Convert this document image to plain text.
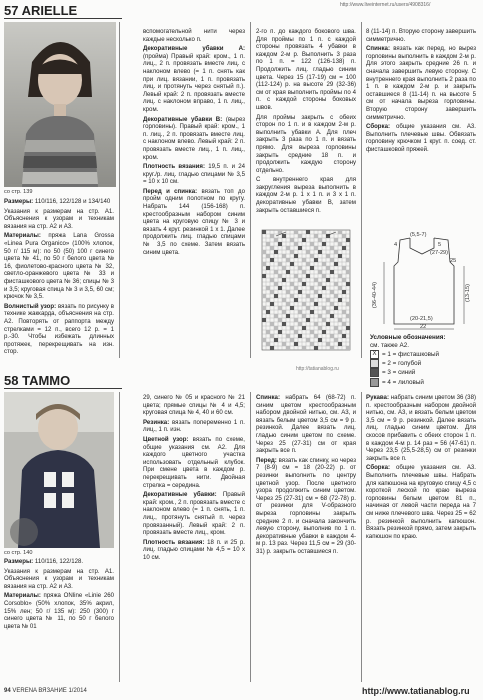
57 ARIELLE
со стр. 139

Размеры: 110/116, 122/128 и 134/140

Указания к размерам на стр. A1. Объяснения к узорам и техникам вязания на стр. A2 и A3.

Материалы: пряжа Lana Grossa «Linea Pura Organico» (100% хлопок, 50 г/ 115 м): по 50 (50) 100 г синего цвета № 41, по 50 г белого цвета № 16, фиолетово-красного цвета № 32, светло-оранжевого цвета № 33 и фисташкового цвета № 36; спицы № 3 и 3,5; круговая спица № 3 и 3,5, 60 см; крючок № 3,5.

Волнистый узор: вязать по рисунку в технике жаккарда, объяснения на стр. A2. Повторять от раппорта между стрелками = 12 п., всего 12 р. = 1 р.-30. Чтобы избежать длинных протяжек, перекрещивать на изн. стор.

вспомогательной нити через каждые несколько п.

Декоративные убавки A: (пройма) Правый край: кром., 1 п. лиц., 2 п. провязать вместе лиц. с наклоном влево (= 1 п. снять как при лиц. вязании, 1 п. провязать лиц. и протянуть через снятый п.). Левый край: 2 п. провязать вместе лиц. с наклоном вправо, 1 п. лиц., кром.

Декоративные убавки B: (вырез горловины). Правый край: кром., 1 п. лиц., 2 п. провязать вместе лиц. с наклоном влево. Левый край: 2 п. провязать вместе лиц., 1 п. лиц., кром.

Плотность вязания: 19,5 п. и 24 круг./р. лиц. гладью спицами № 3,5 = 10 х 10 см.

Перед и спинка: вязать топ до пройм одним полотном по кругу. Набрать 144 (156-168) п. крестообразным набором синим цвета на круговую спицу № 3 и вязать 4 круг. резинкой 1 х 1. Далее продолжить лиц. гладью спицами № 3,5 по схеме. Затем вязать синим цвета.

2-го п. до каждого бокового шва. Для проймы по 1 п. с каждой стороны провязать 4 убавки в каждом 2-м р. Выполнить 3 раза по 1 п. = 122 (126-138) п. Продолжить лиц. гладью синим цвета. Через 15 (17-19) см = 100 (112-124) р. на высоте 29 (32-36) см от края выполнить проймы по 4 п. с каждой стороны боковых швов.

Для проймы закрыть с обеих сторон по 1 п. и в каждом 2-м р. выполнить убавки А. Для плеч закрыть 3 раза по 1 п. и вязать прямо. Для выреза горловины закрыть средние 18 п. и продолжить каждую сторону отдельно.

С внутреннего края для закругления выреза выполнить в каждом 2-м р. 1 х 1 п. и 3 х 1 п. декоративные убавки B, затем закрыть оставшиеся п.

8 (11-14) п. Вторую сторону завершить симметрично.

Спинка: вязать как перед, но вырез горловины выполнить в каждом 2-м р. Для этого закрыть средние 26 п. и сначала завершить левую сторону. С внутреннего края выполнить 2 раза по 1 п. в каждом 2-м р. и закрыть оставшиеся 8 (11-14) п. на высоте 5 см от начала выреза горловины. Вторую сторону завершить симметрично.

Сборка: общие указания см. А3. Выполнить плечевые швы. Обвязать горловину крючком 1 круг. п. соед. ст. фисташковой пряжей.

(5,5-7)
4	5
(27-29)
25
(36-40-44)	(13-15)
(20-21,5)
22
Условные обозначения:
см. также А2.
X = 1 = фисташковый
= 2 = голубой
= 3 = синий
= 4 = лиловый
58 TAMMO
со стр. 140

Размеры: 110/116, 122/128.

Указания к размерам на стр. A1. Объяснения к узорам и техникам вязания на стр. A2 и A3.

Материалы: пряжа ONline «Linie 260 Corsoblo» (50% хлопок, 35% акрил, 15% лен; 50 г/ 135 м): 250 (300) г синего цвета № 11, по 50 г белого цвета № 01

29, синего № 05 и красного № 21 цвета; прямые спицы № 4 и 4,5; круговая спица № 4, 40 и 60 см.

Резинка: вязать попеременно 1 п. лиц., 1 п. изн.

Цветной узор: вязать по схеме, общие указания см. A2. Для каждого цветного участка использовать отдельный клубок. При смене цвета в каждом р. перекрещивать нити. Двойная стрелка = середина.

Декоративные убавки: Правый край: кром., 2 п. провязать вместе с наклоном влево (= 1 п. снять, 1 п. лиц., протянуть снятый п. через провязанный). Левый край: 2 п. провязать вместе лиц., кром.

Плотность вязания: 18 п. и 25 р. лиц. гладью спицами № 4,5 = 10 х 10 см.

Спинка: набрать 64 (68-72) п. синим цветом крестообразным набором двойной нитью, см. A3, и вязать белым цветом 3,5 см = 9 р. резинкой. Далее вязать лиц. гладью синим цветом по схеме. Через 25 (27-31) см от края закрыть все п.

Перед: вязать как спинку, но через 7 (8-9) см = 18 (20-22) р. от резинки выполнить по центру цветной узор. После цветного узора продолжить синим цветом. Через 25 (27-31) см = 68 (72-78) р. от резинки для V-образного выреза горловины закрыть средние 2 п. и сначала закончить левую сторону, выполнив по 1 п. декоративные убавки в каждом 4-м р. 13 раз. Через 11,5 см = 29 (30-31) р. закрыть оставшиеся п.

Рукава: набрать синим цветом 36 (38) п. крестообразным набором двойной нитью, см. A3, и вязать белым цветом 3,5 см = 9 р. резинкой. Далее вязать лиц. гладью синим цветом. Для скосов прибавить с обеих сторон 1 п. в каждом 4-м р. 14 раз = 56 (47-61) п. Через 23,5 (25,5-28,5) см от резинки закрыть все п.

Сборка: общие указания см. A3. Выполнить плечевые швы. Набрать для капюшона на круговую спицу 4,5 с короткой леской по краю выреза горловины белым цветом 81 п., начиная от левой части переда на 7 см ниже плечевого шва. Через 25 = 62 р. резинкой выполнить капюшон. Вязать резинкой прямо, затем закрыть капюшон по краю.

http://www.liveinternet.ru/users/4908316/
http://tatianablog.ru
94 VERENA ВЯЗАНИЕ 1/2014	http://www.tatianablog.ru
